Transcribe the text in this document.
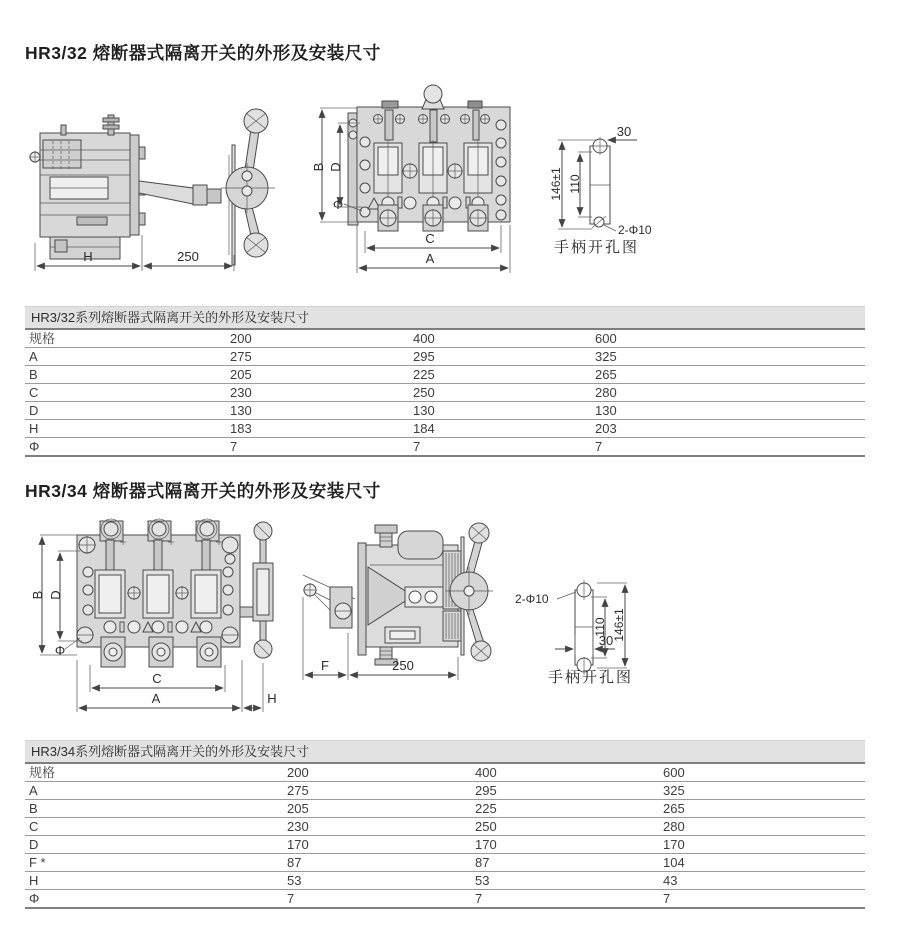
HR3/32 熔断器式隔离开关的外形及安装尺寸
H	250
B D
Φ
C
A
146±1 110
30
2-Φ10
手柄开孔图
HR3/32系列熔断器式隔离开关的外形及安装尺寸
规格	200	400	600
A	275	295	325
B	205	225	265
C	230	250	280
D	130	130	130
H	183	184	203
Φ	7	7	7
HR3/34 熔断器式隔离开关的外形及安装尺寸
B D
Φ
C
A	H
F	250
2-Φ10
110 146±1
30
手柄开孔图
HR3/34系列熔断器式隔离开关的外形及安装尺寸
规格	200	400	600
A	275	295	325
B	205	225	265
C	230	250	280
D	170	170	170
F *	87	87	104
H	53	53	43
Φ	7	7	7
